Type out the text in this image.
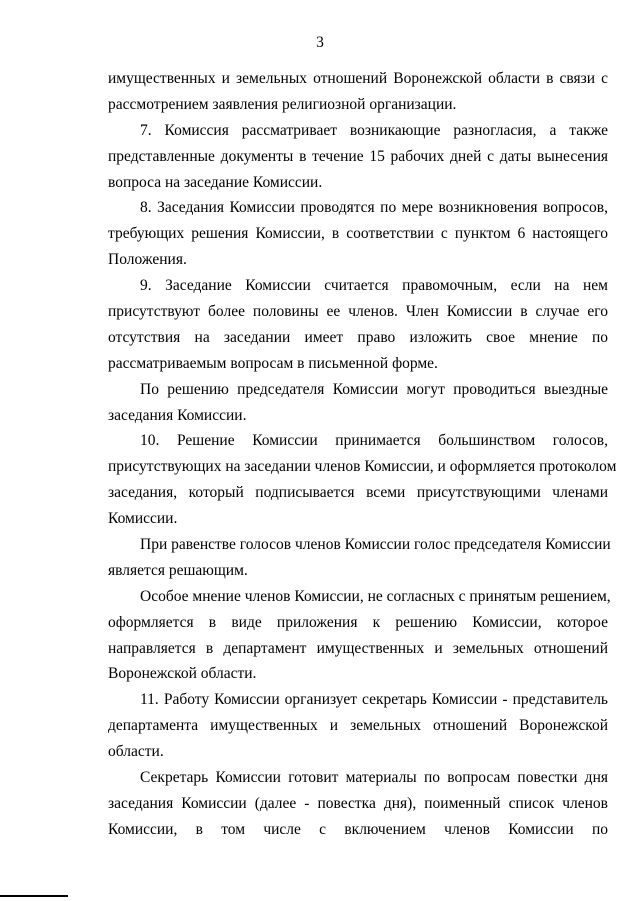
3
имущественных и земельных отношений Воронежской области в связи с
рассмотрением заявления религиозной организации.
7. Комиссия рассматривает возникающие разногласия, а также
представленные документы в течение 15 рабочих дней с даты вынесения
вопроса на заседание Комиссии.
8. Заседания Комиссии проводятся по мере возникновения вопросов,
требующих решения Комиссии, в соответствии с пунктом 6 настоящего
Положения.
9. Заседание Комиссии считается правомочным, если на нем
присутствуют более половины ее членов. Член Комиссии в случае его
отсутствия на заседании имеет право изложить свое мнение по
рассматриваемым вопросам в письменной форме.
По решению председателя Комиссии могут проводиться выездные
заседания Комиссии.
10. Решение Комиссии принимается большинством голосов,
присутствующих на заседании членов Комиссии, и оформляется протоколом
заседания, который подписывается всеми присутствующими членами
Комиссии.
При равенстве голосов членов Комиссии голос председателя Комиссии
является решающим.
Особое мнение членов Комиссии, не согласных с принятым решением,
оформляется в виде приложения к решению Комиссии, которое
направляется в департамент имущественных и земельных отношений
Воронежской области.
11. Работу Комиссии организует секретарь Комиссии - представитель
департамента имущественных и земельных отношений Воронежской
области.
Секретарь Комиссии готовит материалы по вопросам повестки дня
заседания Комиссии (далее - повестка дня), поименный список членов
Комиссии, в том числе с включением членов Комиссии по
